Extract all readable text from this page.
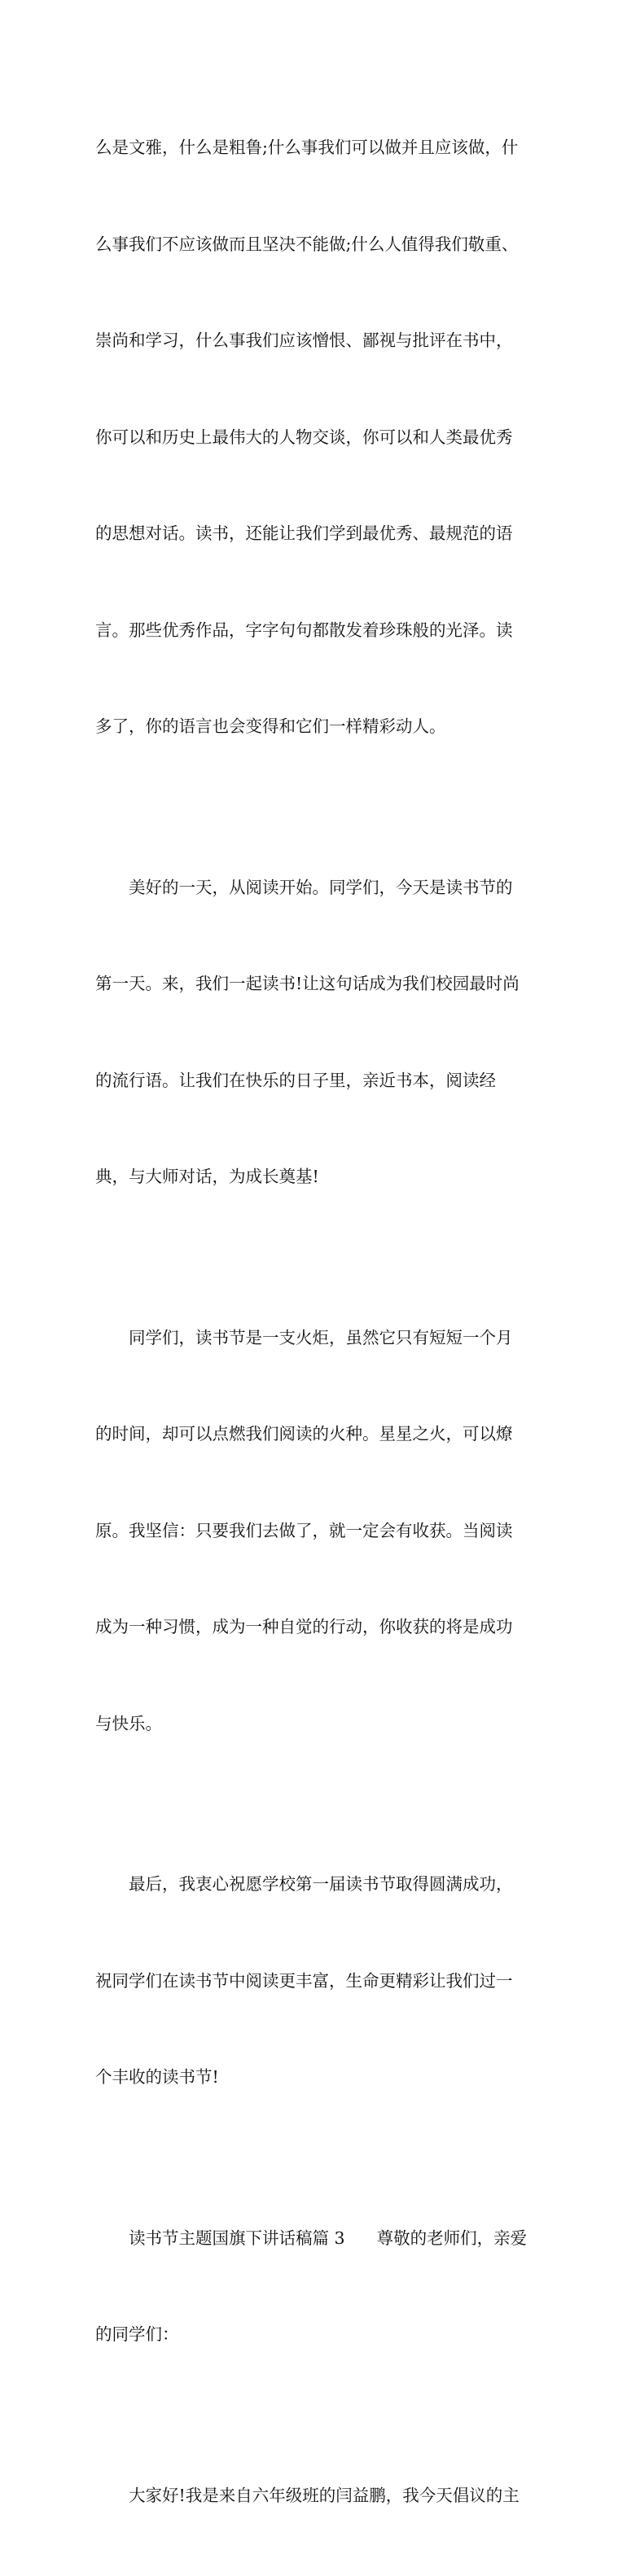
么是文雅，什么是粗鲁;什么事我们可以做并且应该做，什

么事我们不应该做而且坚决不能做;什么人值得我们敬重、

崇尚和学习，什么事我们应该憎恨、鄙视与批评在书中，

你可以和历史上最伟大的人物交谈，你可以和人类最优秀

的思想对话。读书，还能让我们学到最优秀、最规范的语

言。那些优秀作品，字字句句都散发着珍珠般的光泽。读

多了，你的语言也会变得和它们一样精彩动人。

美好的一天，从阅读开始。同学们，今天是读书节的

第一天。来，我们一起读书!让这句话成为我们校园最时尚

的流行语。让我们在快乐的日子里，亲近书本，阅读经

典，与大师对话，为成长奠基!

同学们，读书节是一支火炬，虽然它只有短短一个月

的时间，却可以点燃我们阅读的火种。星星之火，可以燎

原。我坚信：只要我们去做了，就一定会有收获。当阅读

成为一种习惯，成为一种自觉的行动，你收获的将是成功

与快乐。

最后，我衷心祝愿学校第一届读书节取得圆满成功，

祝同学们在读书节中阅读更丰富，生命更精彩让我们过一

个丰收的读书节!

读书节主题国旗下讲话稿篇 3      尊敬的老师们，亲爱

的同学们：

大家好!我是来自六年级班的闫益鹏，我今天倡议的主
